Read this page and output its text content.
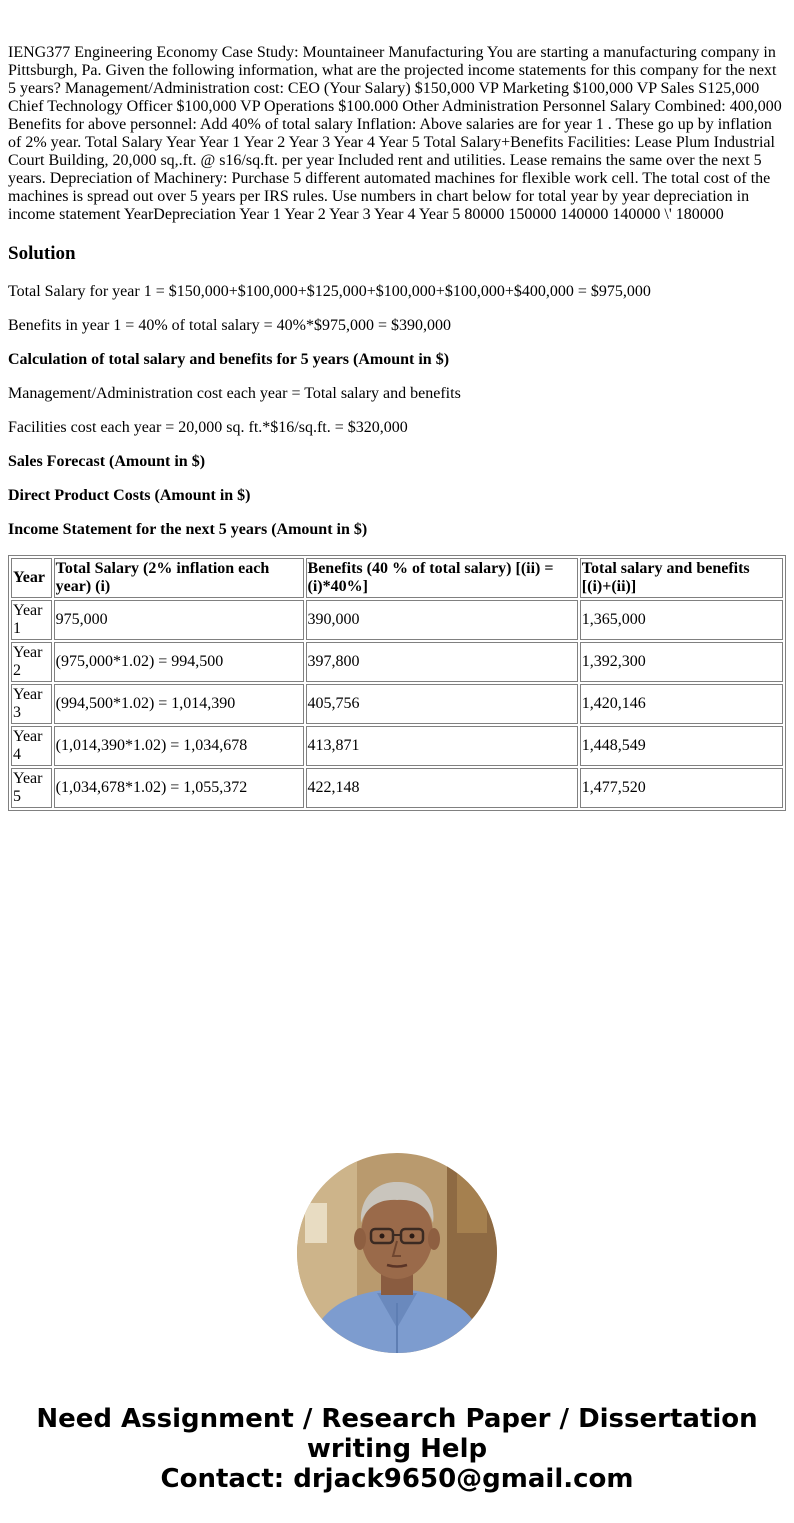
IENG377 Engineering Economy Case Study: Mountaineer Manufacturing You are starting a manufacturing company in Pittsburgh, Pa. Given the following information, what are the projected income statements for this company for the next 5 years? Management/Administration cost: CEO (Your Salary) $150,000 VP Marketing $100,000 VP Sales S125,000 Chief Technology Officer $100,000 VP Operations $100.000 Other Administration Personnel Salary Combined: 400,000 Benefits for above personnel: Add 40% of total salary Inflation: Above salaries are for year 1 . These go up by inflation of 2% year. Total Salary Year Year 1 Year 2 Year 3 Year 4 Year 5 Total Salary+Benefits Facilities: Lease Plum Industrial Court Building, 20,000 sq,.ft. @ s16/sq.ft. per year Included rent and utilities. Lease remains the same over the next 5 years. Depreciation of Machinery: Purchase 5 different automated machines for flexible work cell. The total cost of the machines is spread out over 5 years per IRS rules. Use numbers in chart below for total year by year depreciation in income statement YearDepreciation Year 1 Year 2 Year 3 Year 4 Year 5 80000 150000 140000 140000 \' 180000

Solution

Total Salary for year 1 = $150,000+$100,000+$125,000+$100,000+$100,000+$400,000 = $975,000

Benefits in year 1 = 40% of total salary = 40%*$975,000 = $390,000

Calculation of total salary and benefits for 5 years (Amount in $)

Management/Administration cost each year = Total salary and benefits

Facilities cost each year = 20,000 sq. ft.*$16/sq.ft. = $320,000

Sales Forecast (Amount in $)

Direct Product Costs (Amount in $)

Income Statement for the next 5 years (Amount in $)

Year	Total Salary (2% inflation each year) (i)	Benefits (40 % of total salary) [(ii) = (i)*40%]	Total salary and benefits [(i)+(ii)]
Year 1	975,000	390,000	1,365,000
Year 2	(975,000*1.02) = 994,500	397,800	1,392,300
Year 3	(994,500*1.02) = 1,014,390	405,756	1,420,146
Year 4	(1,014,390*1.02) = 1,034,678	413,871	1,448,549
Year 5	(1,034,678*1.02) = 1,055,372	422,148	1,477,520
Need Assignment / Research Paper / Dissertation
writing Help
Contact: drjack9650@gmail.com
